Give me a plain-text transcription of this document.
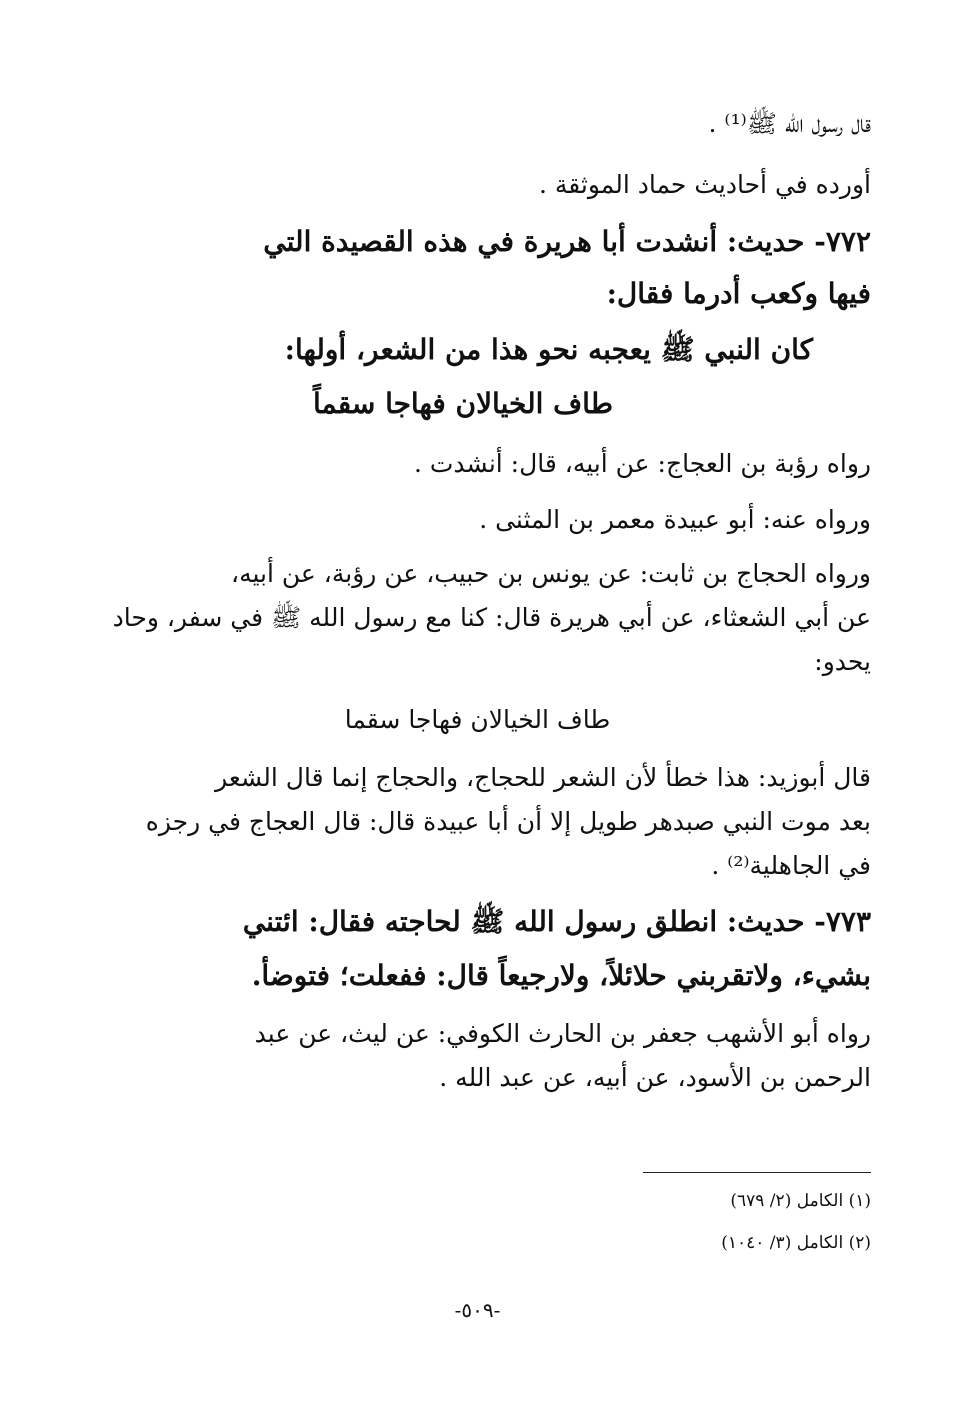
قال رسول الله ﷺ⁽¹⁾ .
أورده في أحاديث حماد الموثقة .
٧٧٢- حديث: أنشدت أبا هريرة في هذه القصيدة التي
فيها وكعب أدرما فقال:
كان النبي ﷺ يعجبه نحو هذا من الشعر، أولها:
طاف الخيالان فهاجا سقماً
رواه رؤبة بن العجاج: عن أبيه، قال: أنشدت .
ورواه عنه: أبو عبيدة معمر بن المثنى .
ورواه الحجاج بن ثابت: عن يونس بن حبيب، عن رؤبة، عن أبيه،
عن أبي الشعثاء، عن أبي هريرة قال: كنا مع رسول الله ﷺ في سفر، وحاد
يحدو:
طاف الخيالان فهاجا سقما
قال أبوزيد: هذا خطأ لأن الشعر للحجاج، والحجاج إنما قال الشعر
بعد موت النبي صبدهر طويل إلا أن أبا عبيدة قال: قال العجاج في رجزه
في الجاهلية⁽²⁾ .
٧٧٣- حديث: انطلق رسول الله ﷺ لحاجته فقال: ائتني
بشيء، ولاتقربني حلائلاً، ولارجيعاً قال: ففعلت؛ فتوضأ.
رواه أبو الأشهب جعفر بن الحارث الكوفي: عن ليث، عن عبد
الرحمن بن الأسود، عن أبيه، عن عبد الله .
(١) الكامل (٢/ ٦٧٩)
(٢) الكامل (٣/ ١٠٤٠)
-٥٠٩-
